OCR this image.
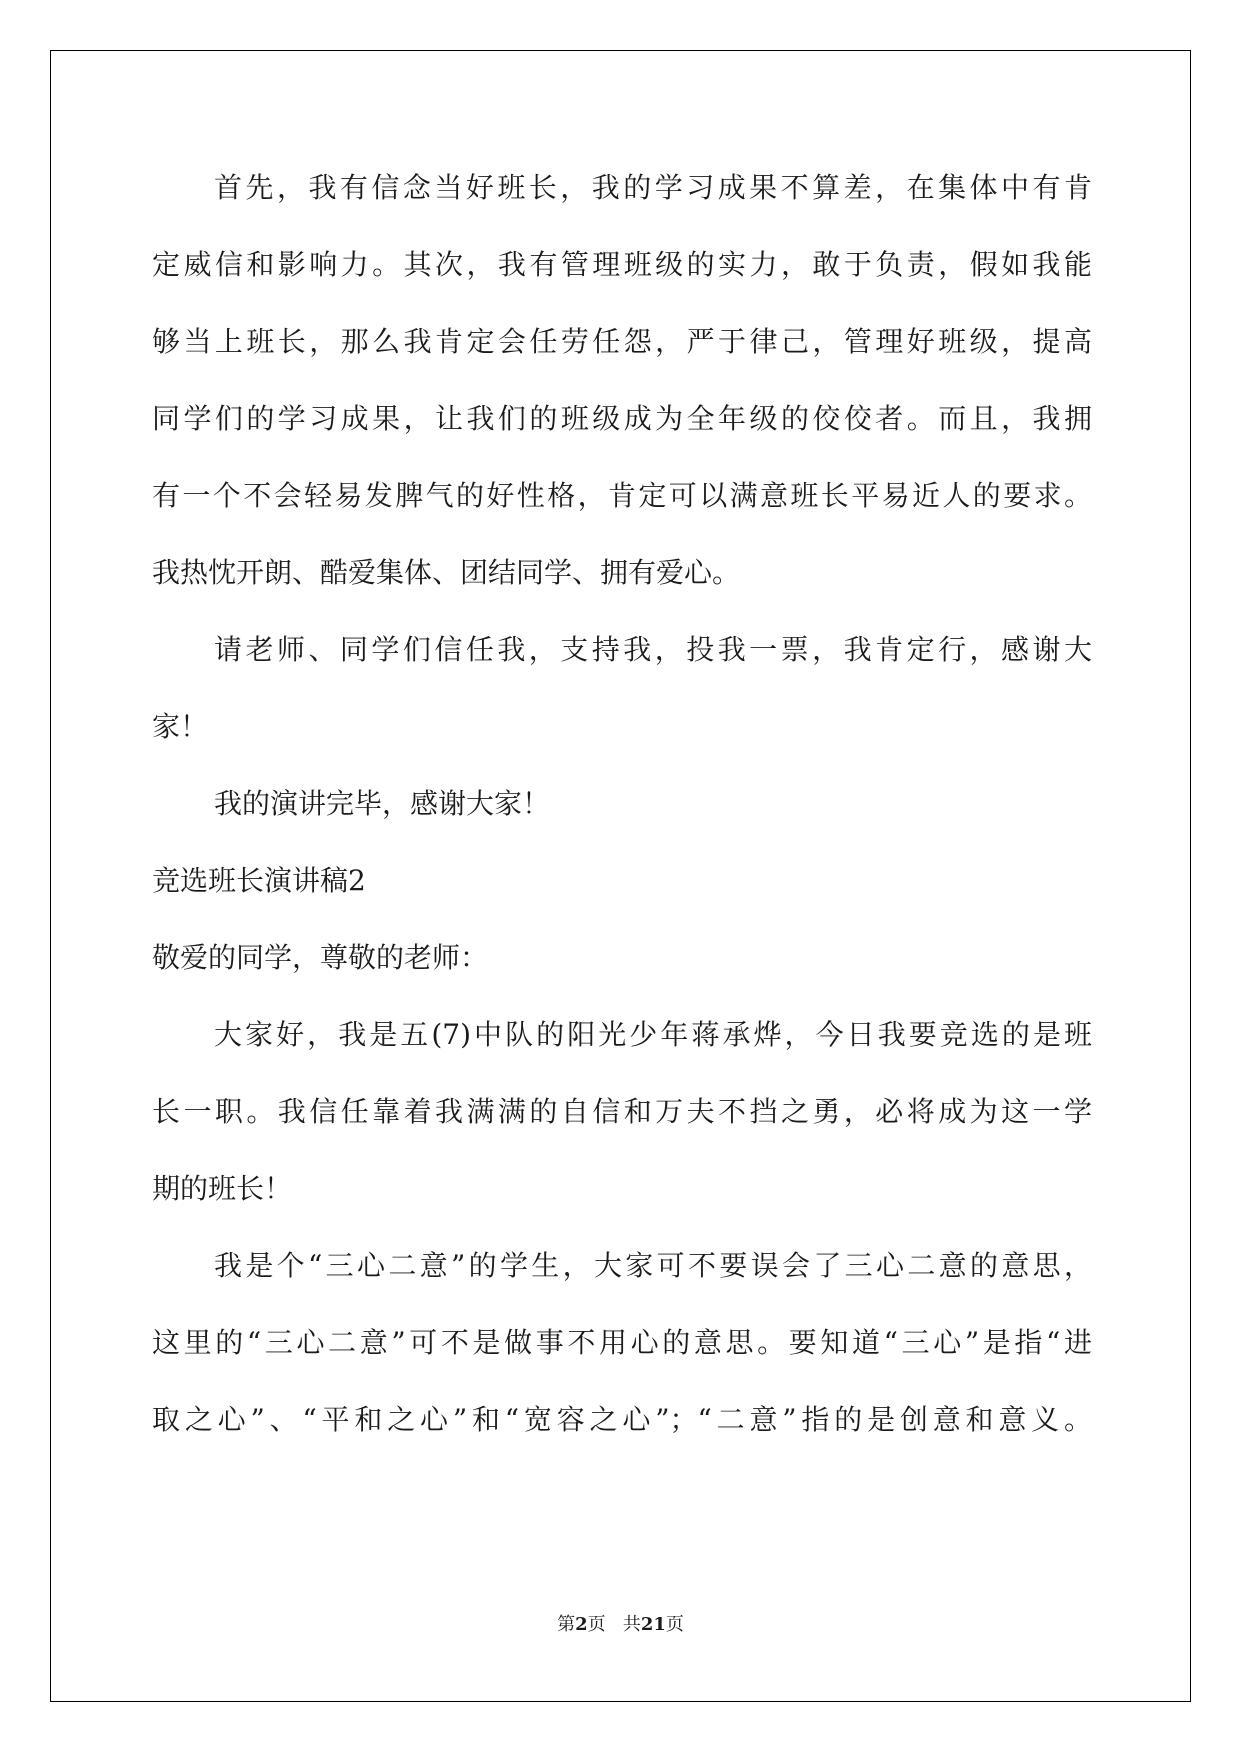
首先，我有信念当好班长，我的学习成果不算差，在集体中有肯

定威信和影响力。其次，我有管理班级的实力，敢于负责，假如我能

够当上班长，那么我肯定会任劳任怨，严于律己，管理好班级，提高

同学们的学习成果，让我们的班级成为全年级的佼佼者。而且，我拥

有一个不会轻易发脾气的好性格，肯定可以满意班长平易近人的要求。

我热忱开朗、酷爱集体、团结同学、拥有爱心。

请老师、同学们信任我，支持我，投我一票，我肯定行，感谢大

家！

我的演讲完毕，感谢大家！

竞选班长演讲稿2

敬爱的同学，尊敬的老师：

大家好，我是五(7)中队的阳光少年蒋承烨，今日我要竞选的是班

长一职。我信任靠着我满满的自信和万夫不挡之勇，必将成为这一学

期的班长！

我是个“三心二意”的学生，大家可不要误会了三心二意的意思，

这里的“三心二意”可不是做事不用心的意思。要知道“三心”是指“进

取之心”、“平和之心”和“宽容之心”；“二意”指的是创意和意义。

第2页 共21页
